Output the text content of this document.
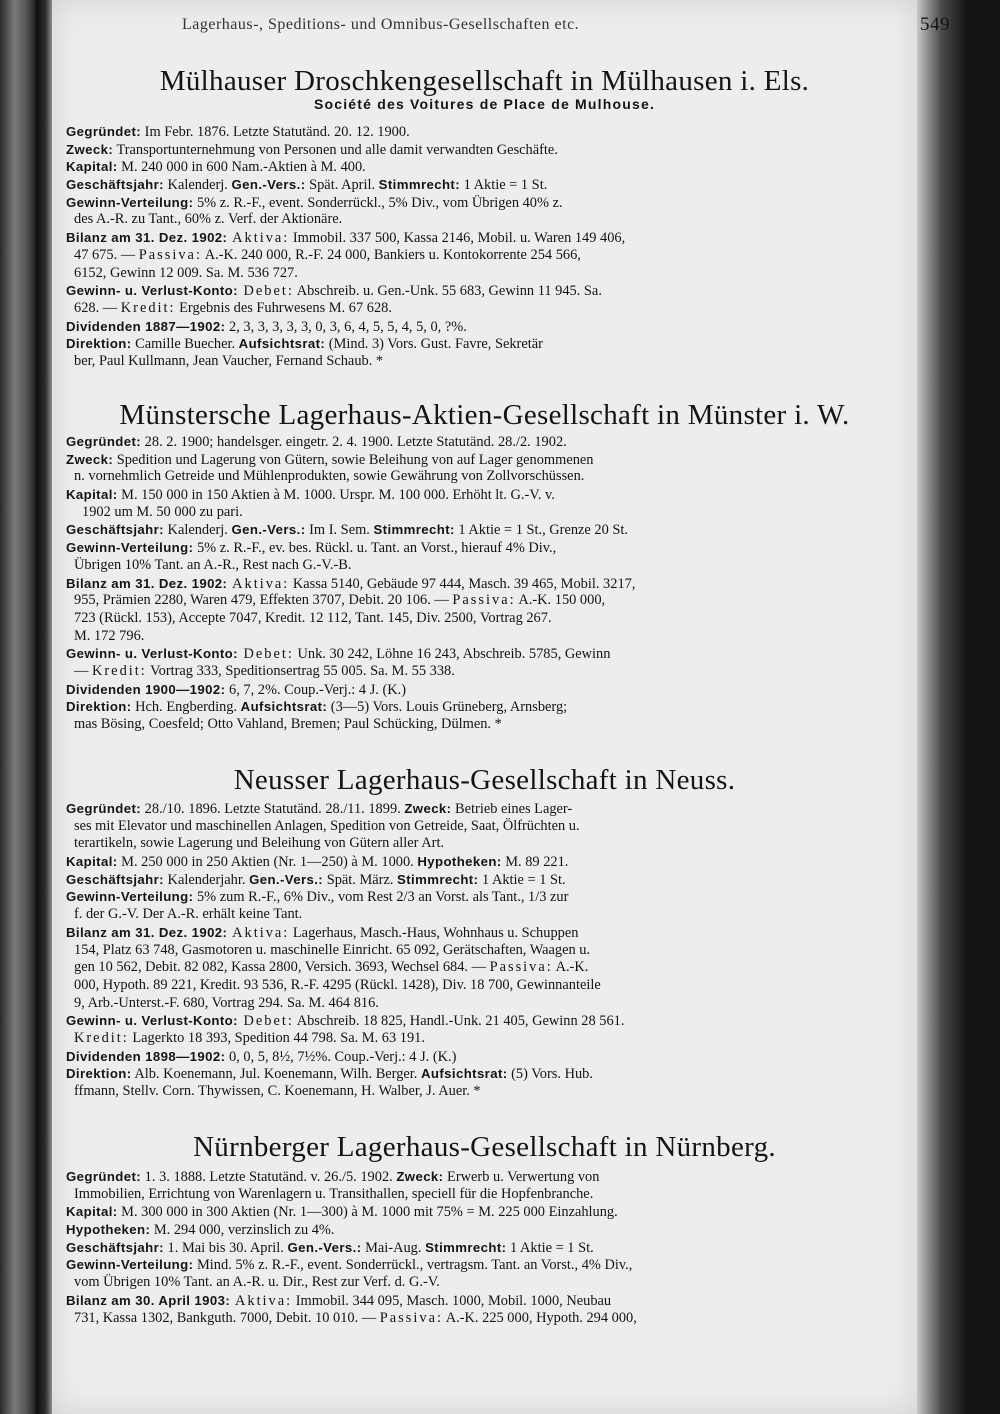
Mülhauser Droschkengesellschaft in Mülhausen i. Els.
Société des Voitures de Place de Mulhouse.
Gegründet: Im Febr. 1876. Letzte Statutänd. 20. 12. 1900.
Zweck: Transportunternehmung von Personen und alle damit verwandten Geschäfte.
Kapital: M. 240 000 in 600 Nam.-Aktien à M. 400.
Geschäftsjahr: Kalenderj. Gen.-Vers.: Spät. April. Stimmrecht: 1 Aktie = 1 St.
Gewinn-Verteilung: 5% z. R.-F., event. Sonderrückl., 5% Div., vom Übrigen 40% z.
des A.-R. zu Tant., 60% z. Verf. der Aktionäre.
Bilanz am 31. Dez. 1902: Aktiva: Immobil. 337 500, Kassa 2146, Mobil. u. Waren 149 406,
47 675. — Passiva: A.-K. 240 000, R.-F. 24 000, Bankiers u. Kontokorrente 254 566,
6152, Gewinn 12 009. Sa. M. 536 727.
Gewinn- u. Verlust-Konto: Debet: Abschreib. u. Gen.-Unk. 55 683, Gewinn 11 945. Sa.
628. — Kredit: Ergebnis des Fuhrwesens M. 67 628.
Dividenden 1887—1902: 2, 3, 3, 3, 3, 3, 0, 3, 6, 4, 5, 5, 4, 5, 0, ?%.
Direktion: Camille Buecher. Aufsichtsrat: (Mind. 3) Vors. Gust. Favre, Sekretär
ber, Paul Kullmann, Jean Vaucher, Fernand Schaub. *
Münstersche Lagerhaus-Aktien-Gesellschaft in Münster i. W.
Gegründet: 28. 2. 1900; handelsger. eingetr. 2. 4. 1900. Letzte Statutänd. 28./2. 1902.
Zweck: Spedition und Lagerung von Gütern, sowie Beleihung von auf Lager genommenen
n. vornehmlich Getreide und Mühlenprodukten, sowie Gewährung von Zollvorschüssen.
Kapital: M. 150 000 in 150 Aktien à M. 1000. Urspr. M. 100 000. Erhöht lt. G.-V. v.
1902 um M. 50 000 zu pari.
Geschäftsjahr: Kalenderj. Gen.-Vers.: Im I. Sem. Stimmrecht: 1 Aktie = 1 St., Grenze 20 St.
Gewinn-Verteilung: 5% z. R.-F., ev. bes. Rückl. u. Tant. an Vorst., hierauf 4% Div.,
Übrigen 10% Tant. an A.-R., Rest nach G.-V.-B.
Bilanz am 31. Dez. 1902: Aktiva: Kassa 5140, Gebäude 97 444, Masch. 39 465, Mobil. 3217,
955, Prämien 2280, Waren 479, Effekten 3707, Debit. 20 106. — Passiva: A.-K. 150 000,
723 (Rückl. 153), Accepte 7047, Kredit. 12 112, Tant. 145, Div. 2500, Vortrag 267.
M. 172 796.
Gewinn- u. Verlust-Konto: Debet: Unk. 30 242, Löhne 16 243, Abschreib. 5785, Gewinn
— Kredit: Vortrag 333, Speditionsertrag 55 005. Sa. M. 55 338.
Dividenden 1900—1902: 6, 7, 2%. Coup.-Verj.: 4 J. (K.)
Direktion: Hch. Engberding. Aufsichtsrat: (3—5) Vors. Louis Grüneberg, Arnsberg;
mas Bösing, Coesfeld; Otto Vahland, Bremen; Paul Schücking, Dülmen. *
Neusser Lagerhaus-Gesellschaft in Neuss.
Gegründet: 28./10. 1896. Letzte Statutänd. 28./11. 1899. Zweck: Betrieb eines Lager-
ses mit Elevator und maschinellen Anlagen, Spedition von Getreide, Saat, Ölfrüchten u.
terartikeln, sowie Lagerung und Beleihung von Gütern aller Art.
Kapital: M. 250 000 in 250 Aktien (Nr. 1—250) à M. 1000. Hypotheken: M. 89 221.
Geschäftsjahr: Kalenderjahr. Gen.-Vers.: Spät. März. Stimmrecht: 1 Aktie = 1 St.
Gewinn-Verteilung: 5% zum R.-F., 6% Div., vom Rest 2/3 an Vorst. als Tant., 1/3 zur
f. der G.-V. Der A.-R. erhält keine Tant.
Bilanz am 31. Dez. 1902: Aktiva: Lagerhaus, Masch.-Haus, Wohnhaus u. Schuppen
154, Platz 63 748, Gasmotoren u. maschinelle Einricht. 65 092, Gerätschaften, Waagen u.
gen 10 562, Debit. 82 082, Kassa 2800, Versich. 3693, Wechsel 684. — Passiva: A.-K.
000, Hypoth. 89 221, Kredit. 93 536, R.-F. 4295 (Rückl. 1428), Div. 18 700, Gewinnanteile
9, Arb.-Unterst.-F. 680, Vortrag 294. Sa. M. 464 816.
Gewinn- u. Verlust-Konto: Debet: Abschreib. 18 825, Handl.-Unk. 21 405, Gewinn 28 561.
Kredit: Lagerkto 18 393, Spedition 44 798. Sa. M. 63 191.
Dividenden 1898—1902: 0, 0, 5, 8½, 7½%. Coup.-Verj.: 4 J. (K.)
Direktion: Alb. Koenemann, Jul. Koenemann, Wilh. Berger. Aufsichtsrat: (5) Vors. Hub.
ffmann, Stellv. Corn. Thywissen, C. Koenemann, H. Walber, J. Auer. *
Nürnberger Lagerhaus-Gesellschaft in Nürnberg.
Gegründet: 1. 3. 1888. Letzte Statutänd. v. 26./5. 1902. Zweck: Erwerb u. Verwertung von
Immobilien, Errichtung von Warenlagern u. Transithallen, speciell für die Hopfenbranche.
Kapital: M. 300 000 in 300 Aktien (Nr. 1—300) à M. 1000 mit 75% = M. 225 000 Einzahlung.
Hypotheken: M. 294 000, verzinslich zu 4%.
Geschäftsjahr: 1. Mai bis 30. April. Gen.-Vers.: Mai-Aug. Stimmrecht: 1 Aktie = 1 St.
Gewinn-Verteilung: Mind. 5% z. R.-F., event. Sonderrückl., vertragsm. Tant. an Vorst., 4% Div.,
vom Übrigen 10% Tant. an A.-R. u. Dir., Rest zur Verf. d. G.-V.
Bilanz am 30. April 1903: Aktiva: Immobil. 344 095, Masch. 1000, Mobil. 1000, Neubau
731, Kassa 1302, Bankguth. 7000, Debit. 10 010. — Passiva: A.-K. 225 000, Hypoth. 294 000,
Lagerhaus-, Speditions- und Omnibus-Gesellschaften etc.	549
